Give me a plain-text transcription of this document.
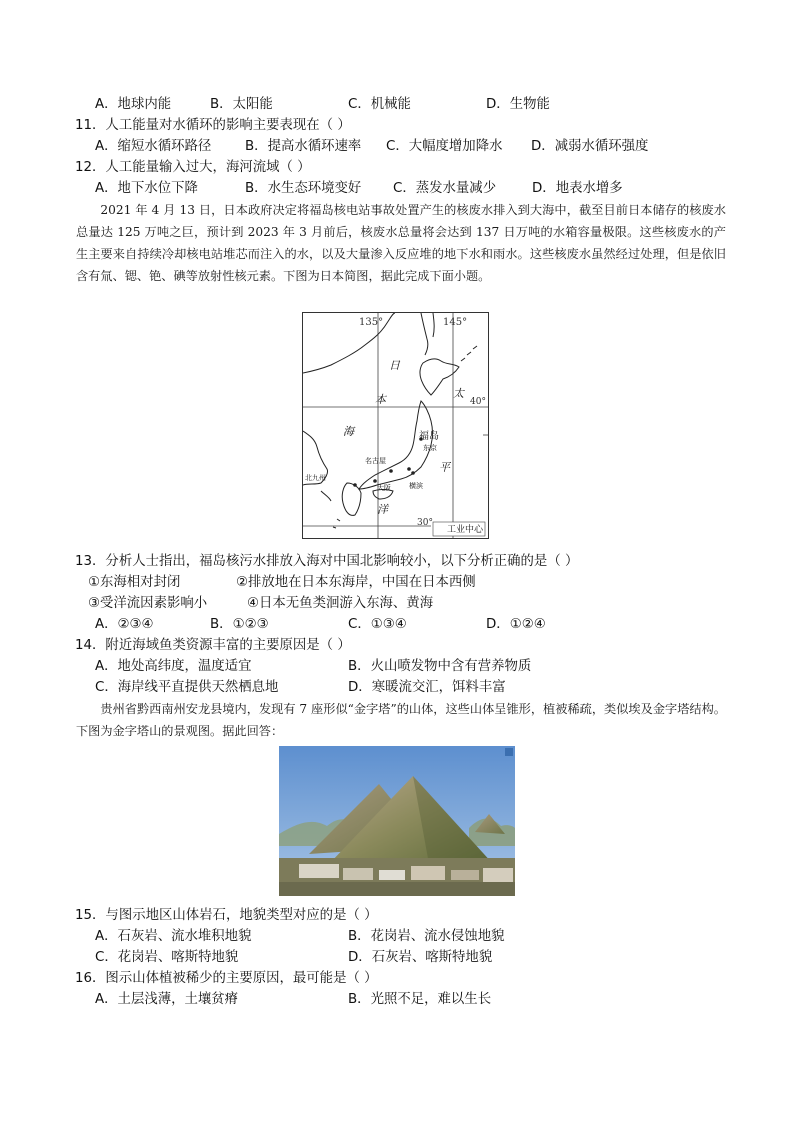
A．地球内能	B．太阳能	C．机械能	D．生物能
11．人工能量对水循环的影响主要表现在（ ）
A．缩短水循环路径	B．提高水循环速率 C．大幅度增加降水 D．减弱水循环强度
12．人工能量输入过大，海河流域（ ）
A．地下水位下降	B．水生态环境变好 C．蒸发水量减少	D．地表水增多
2021 年 4 月 13 日，日本政府决定将福岛核电站事故处置产生的核废水排入到大海中，截至目前日本储存的核废水总量达 125 万吨之巨，预计到 2023 年 3 月前后，核废水总量将会达到 137 日万吨的水箱容量极限。这些核废水的产生主要来自持续冷却核电站堆芯而注入的水，以及大量渗入反应堆的地下水和雨水。这些核废水虽然经过处理，但是依旧含有氚、锶、铯、碘等放射性核元素。下图为日本简图，据此完成下面小题。
135°	145°
40°
30°
日
本
海
太
平
洋
福岛
东京
名古屋
北九州
大阪	横滨
工业中心
13．分析人士指出，福岛核污水排放入海对中国北影响较小，以下分析正确的是（ ）
①东海相对封闭	②排放地在日本东海岸，中国在日本西侧
③受洋流因素影响小	④日本无鱼类洄游入东海、黄海
A．②③④	B．①②③	C．①③④	D．①②④
14．附近海域鱼类资源丰富的主要原因是（ ）
A．地处高纬度，温度适宜	B．火山喷发物中含有营养物质
C．海岸线平直提供天然栖息地	D．寒暖流交汇，饵料丰富
贵州省黔西南州安龙县境内，发现有 7 座形似“金字塔”的山体，这些山体呈锥形，植被稀疏，类似埃及金字塔结构。下图为金字塔山的景观图。据此回答：
15．与图示地区山体岩石，地貌类型对应的是（ ）
A．石灰岩、流水堆积地貌	B．花岗岩、流水侵蚀地貌
C．花岗岩、喀斯特地貌	D．石灰岩、喀斯特地貌
16．图示山体植被稀少的主要原因，最可能是（ ）
A．土层浅薄，土壤贫瘠	B．光照不足，难以生长
